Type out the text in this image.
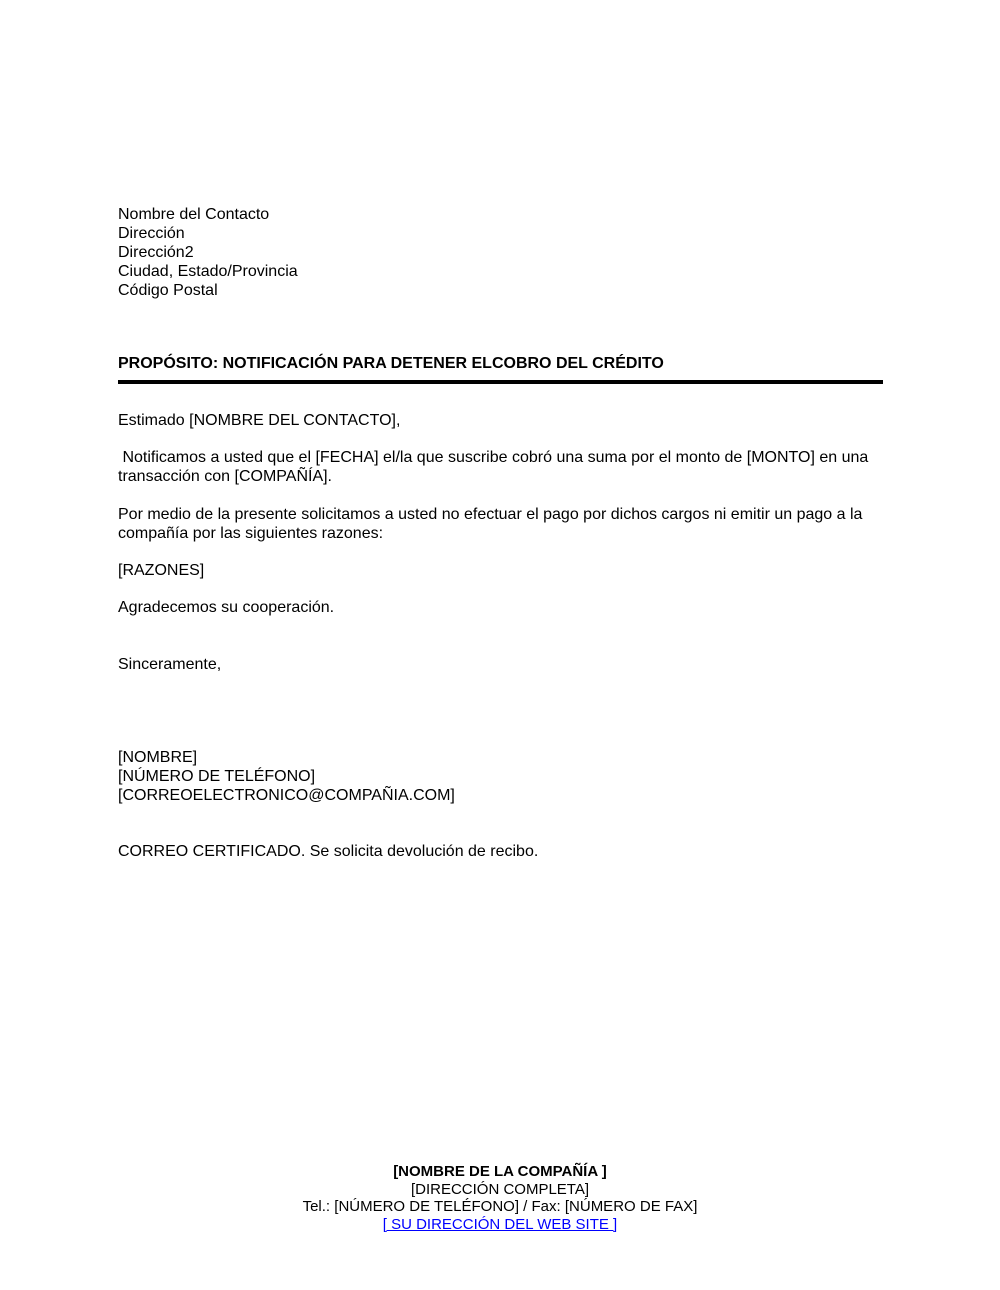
Nombre del Contacto
Dirección
Dirección2
Ciudad, Estado/Provincia
Código Postal
PROPÓSITO: NOTIFICACIÓN PARA DETENER ELCOBRO DEL CRÉDITO
Estimado [NOMBRE DEL CONTACTO],
Notificamos a usted que el [FECHA] el/la que suscribe cobró una suma por el monto de [MONTO] en una transacción con [COMPAÑÍA].
Por medio de la presente solicitamos a usted no efectuar el pago por dichos cargos ni emitir un pago a la compañía por las siguientes razones:
[RAZONES]
Agradecemos su cooperación.
Sinceramente,
[NOMBRE]
[NÚMERO DE TELÉFONO]
[CORREOELECTRONICO@COMPAÑIA.COM]
CORREO CERTIFICADO. Se solicita devolución de recibo.
[NOMBRE DE LA COMPAÑÍA ]
[DIRECCIÓN COMPLETA]
Tel.: [NÚMERO DE TELÉFONO] / Fax: [NÚMERO DE FAX]
[ SU DIRECCIÓN DEL WEB SITE ]
